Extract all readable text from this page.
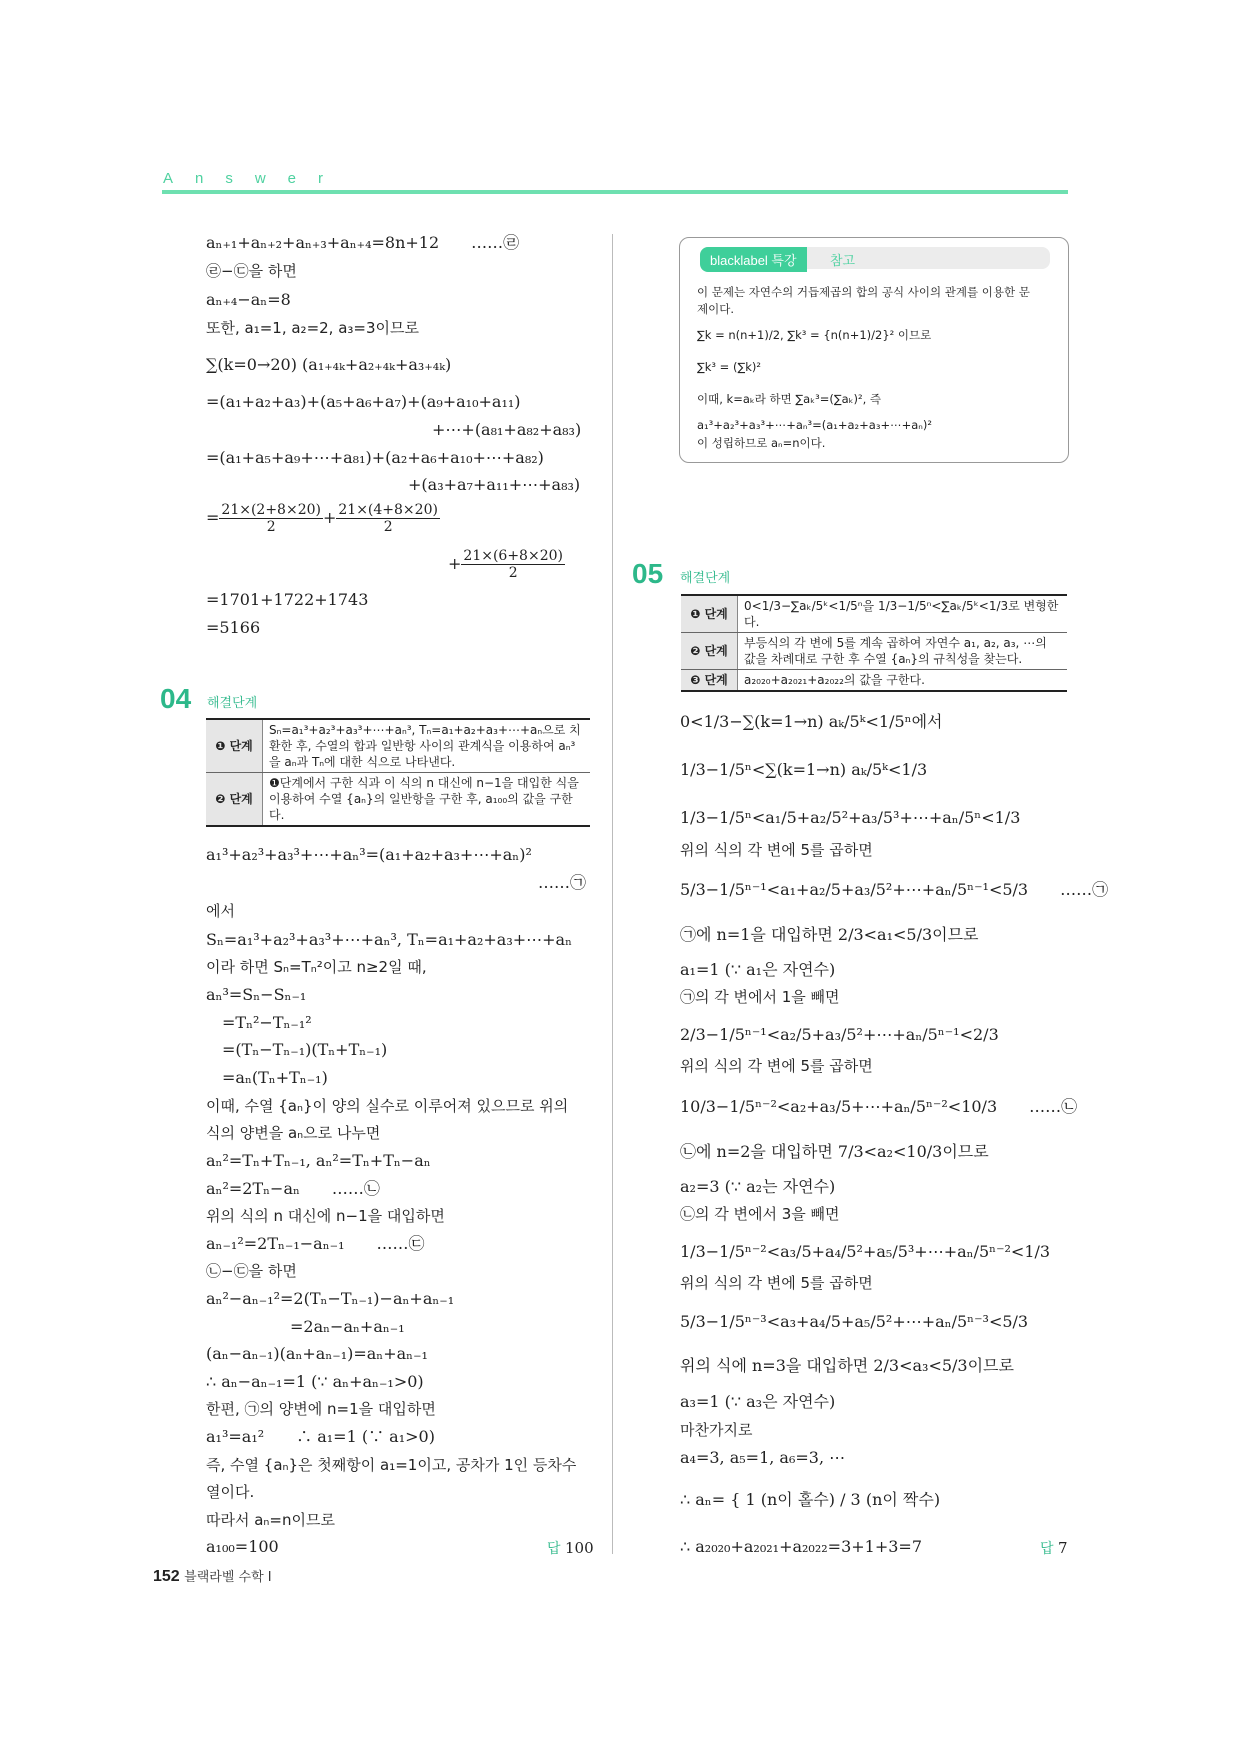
Answer
aₙ₊₁+aₙ₊₂+aₙ₊₃+aₙ₊₄=8n+12　　……㉣
㉣−㉢을 하면
aₙ₊₄−aₙ=8
또한, a₁=1, a₂=2, a₃=3이므로
∑(k=0→20) (a₁₊₄ₖ+a₂₊₄ₖ+a₃₊₄ₖ)
=(a₁+a₂+a₃)+(a₅+a₆+a₇)+(a₉+a₁₀+a₁₁)
+⋯+(a₈₁+a₈₂+a₈₃)
=(a₁+a₅+a₉+⋯+a₈₁)+(a₂+a₆+a₁₀+⋯+a₈₂)
+(a₃+a₇+a₁₁+⋯+a₈₃)
= $\frac{21\times(2+8\times 20)}{2} + \frac{21\times(4+8\times 20)}{2}$
+ $\frac{21\times(6+8\times 20)}{2}$
=1701+1722+1743
=5166
04 해결단계
❶ 단계	Sₙ=a₁³+a₂³+a₃³+⋯+aₙ³, Tₙ=a₁+a₂+a₃+⋯+aₙ으로 치환한 후, 수열의 합과 일반항 사이의 관계식을 이용하여 aₙ³을 aₙ과 Tₙ에 대한 식으로 나타낸다.
❷ 단계	❶단계에서 구한 식과 이 식의 n 대신에 n−1을 대입한 식을 이용하여 수열 {aₙ}의 일반항을 구한 후, a₁₀₀의 값을 구한다.
a₁³+a₂³+a₃³+⋯+aₙ³=(a₁+a₂+a₃+⋯+aₙ)²
……㉠
에서
Sₙ=a₁³+a₂³+a₃³+⋯+aₙ³, Tₙ=a₁+a₂+a₃+⋯+aₙ
이라 하면 Sₙ=Tₙ²이고 n≥2일 때,
aₙ³=Sₙ−Sₙ₋₁
=Tₙ²−Tₙ₋₁²
=(Tₙ−Tₙ₋₁)(Tₙ+Tₙ₋₁)
=aₙ(Tₙ+Tₙ₋₁)
이때, 수열 {aₙ}이 양의 실수로 이루어져 있으므로 위의
식의 양변을 aₙ으로 나누면
aₙ²=Tₙ+Tₙ₋₁, aₙ²=Tₙ+Tₙ−aₙ
aₙ²=2Tₙ−aₙ　　……㉡
위의 식의 n 대신에 n−1을 대입하면
aₙ₋₁²=2Tₙ₋₁−aₙ₋₁　　……㉢
㉡−㉢을 하면
aₙ²−aₙ₋₁²=2(Tₙ−Tₙ₋₁)−aₙ+aₙ₋₁
=2aₙ−aₙ+aₙ₋₁
(aₙ−aₙ₋₁)(aₙ+aₙ₋₁)=aₙ+aₙ₋₁
∴ aₙ−aₙ₋₁=1 (∵ aₙ+aₙ₋₁>0)
한편, ㉠의 양변에 n=1을 대입하면
a₁³=a₁²　　∴ a₁=1 (∵ a₁>0)
즉, 수열 {aₙ}은 첫째항이 a₁=1이고, 공차가 1인 등차수
열이다.
따라서 aₙ=n이므로
a₁₀₀=100	답 100
blacklabel 특강	참고
이 문제는 자연수의 거듭제곱의 합의 공식 사이의 관계를 이용한 문
제이다.
∑k = n(n+1)/2, ∑k³ = {n(n+1)/2}² 이므로
∑k³ = (∑k)²
이때, k=aₖ라 하면 ∑aₖ³=(∑aₖ)², 즉
a₁³+a₂³+a₃³+⋯+aₙ³=(a₁+a₂+a₃+⋯+aₙ)²
이 성립하므로 aₙ=n이다.
05 해결단계
❶ 단계	0<1/3−∑aₖ/5ᵏ<1/5ⁿ을 1/3−1/5ⁿ<∑aₖ/5ᵏ<1/3로 변형한다.
❷ 단계	부등식의 각 변에 5를 계속 곱하여 자연수 a₁, a₂, a₃, ⋯의 값을 차례대로 구한 후 수열 {aₙ}의 규칙성을 찾는다.
❸ 단계	a₂₀₂₀+a₂₀₂₁+a₂₀₂₂의 값을 구한다.
0<1/3−∑(k=1→n) aₖ/5ᵏ<1/5ⁿ에서
1/3−1/5ⁿ<∑(k=1→n) aₖ/5ᵏ<1/3
1/3−1/5ⁿ<a₁/5+a₂/5²+a₃/5³+⋯+aₙ/5ⁿ<1/3
위의 식의 각 변에 5를 곱하면
5/3−1/5ⁿ⁻¹<a₁+a₂/5+a₃/5²+⋯+aₙ/5ⁿ⁻¹<5/3　　……㉠
㉠에 n=1을 대입하면 2/3<a₁<5/3이므로
a₁=1 (∵ a₁은 자연수)
㉠의 각 변에서 1을 빼면
2/3−1/5ⁿ⁻¹<a₂/5+a₃/5²+⋯+aₙ/5ⁿ⁻¹<2/3
위의 식의 각 변에 5를 곱하면
10/3−1/5ⁿ⁻²<a₂+a₃/5+⋯+aₙ/5ⁿ⁻²<10/3　　……㉡
㉡에 n=2을 대입하면 7/3<a₂<10/3이므로
a₂=3 (∵ a₂는 자연수)
㉡의 각 변에서 3을 빼면
1/3−1/5ⁿ⁻²<a₃/5+a₄/5²+a₅/5³+⋯+aₙ/5ⁿ⁻²<1/3
위의 식의 각 변에 5를 곱하면
5/3−1/5ⁿ⁻³<a₃+a₄/5+a₅/5²+⋯+aₙ/5ⁿ⁻³<5/3
위의 식에 n=3을 대입하면 2/3<a₃<5/3이므로
a₃=1 (∵ a₃은 자연수)
마찬가지로
a₄=3, a₅=1, a₆=3, ⋯
∴ aₙ= { 1 (n이 홀수) / 3 (n이 짝수)
∴ a₂₀₂₀+a₂₀₂₁+a₂₀₂₂=3+1+3=7	답 7
152 블랙라벨 수학 Ⅰ
